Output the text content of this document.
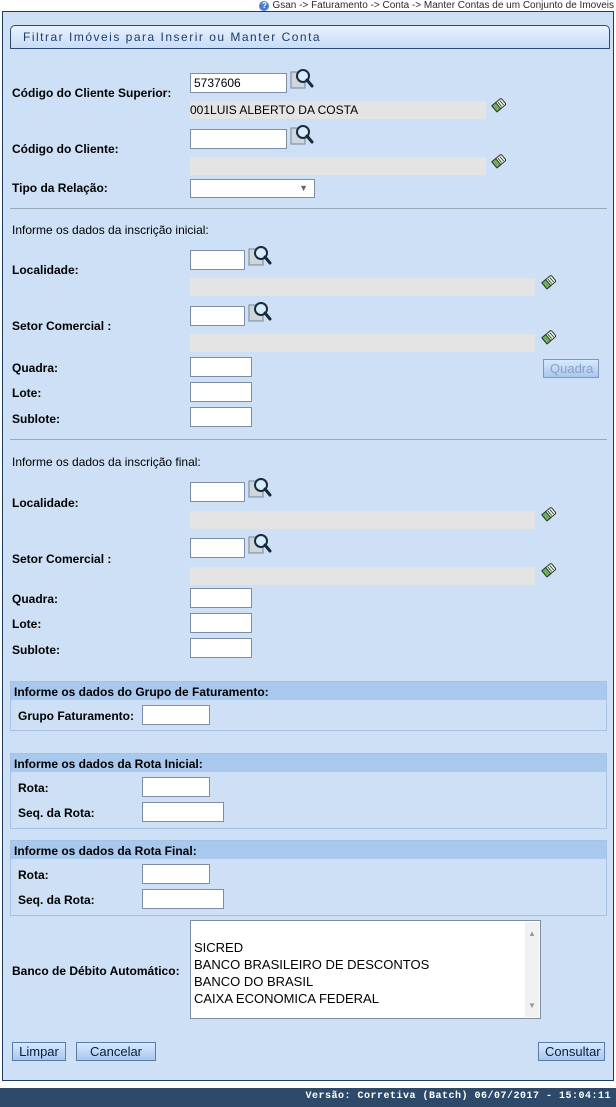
? Gsan -> Faturamento -> Conta -> Manter Contas de um Conjunto de Imoveis
Filtrar Imóveis para Inserir ou Manter Conta
Código do Cliente Superior:
5737606
001LUIS ALBERTO DA COSTA
Código do Cliente:
Tipo da Relação:	▼
Informe os dados da inscrição inicial:
Localidade:
Setor Comercial :
Quadra:	Quadra
Lote:
Sublote:
Informe os dados da inscrição final:
Localidade:
Setor Comercial :
Quadra:
Lote:
Sublote:
Informe os dados do Grupo de Faturamento:
Grupo Faturamento:
Informe os dados da Rota Inicial:
Rota:
Seq. da Rota:
Informe os dados da Rota Final:
Rota:
Seq. da Rota:
Banco de Débito Automático:
SICRED
BANCO BRASILEIRO DE DESCONTOS
BANCO DO BRASIL
CAIXA ECONOMICA FEDERAL
▲
▼
Limpar	Cancelar	Consultar
Versão: Corretiva (Batch) 06/07/2017 - 15:04:11
